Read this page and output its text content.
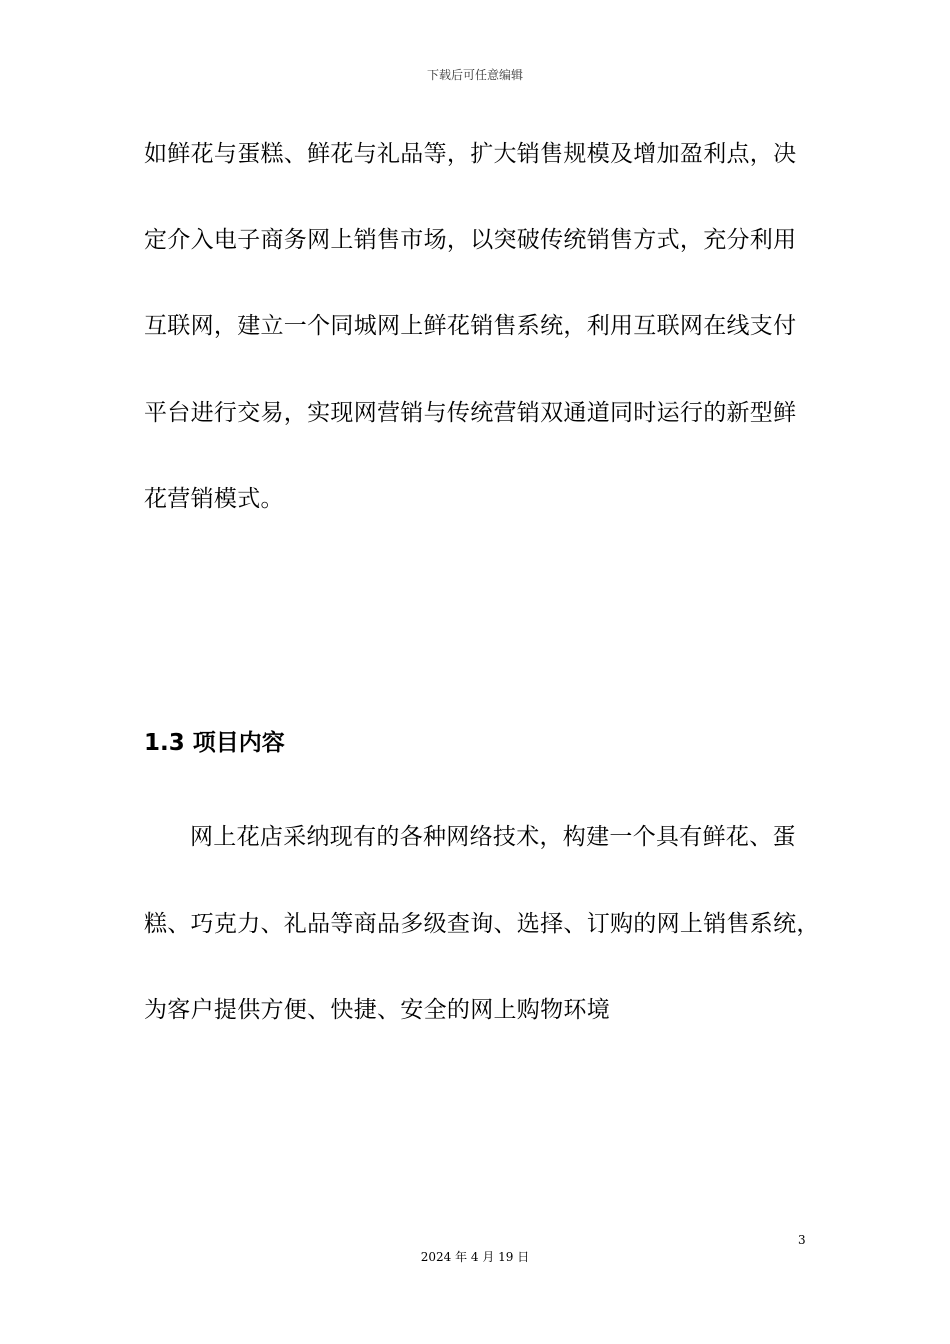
下载后可任意编辑
如鲜花与蛋糕、鲜花与礼品等，扩大销售规模及增加盈利点，决
定介入电子商务网上销售市场，以突破传统销售方式，充分利用
互联网，建立一个同城网上鲜花销售系统，利用互联网在线支付
平台进行交易，实现网营销与传统营销双通道同时运行的新型鲜
花营销模式。
1.3 项目内容
网上花店采纳现有的各种网络技术，构建一个具有鲜花、蛋
糕、巧克力、礼品等商品多级查询、选择、订购的网上销售系统，
为客户提供方便、快捷、安全的网上购物环境
3
2024 年 4 月 19 日
